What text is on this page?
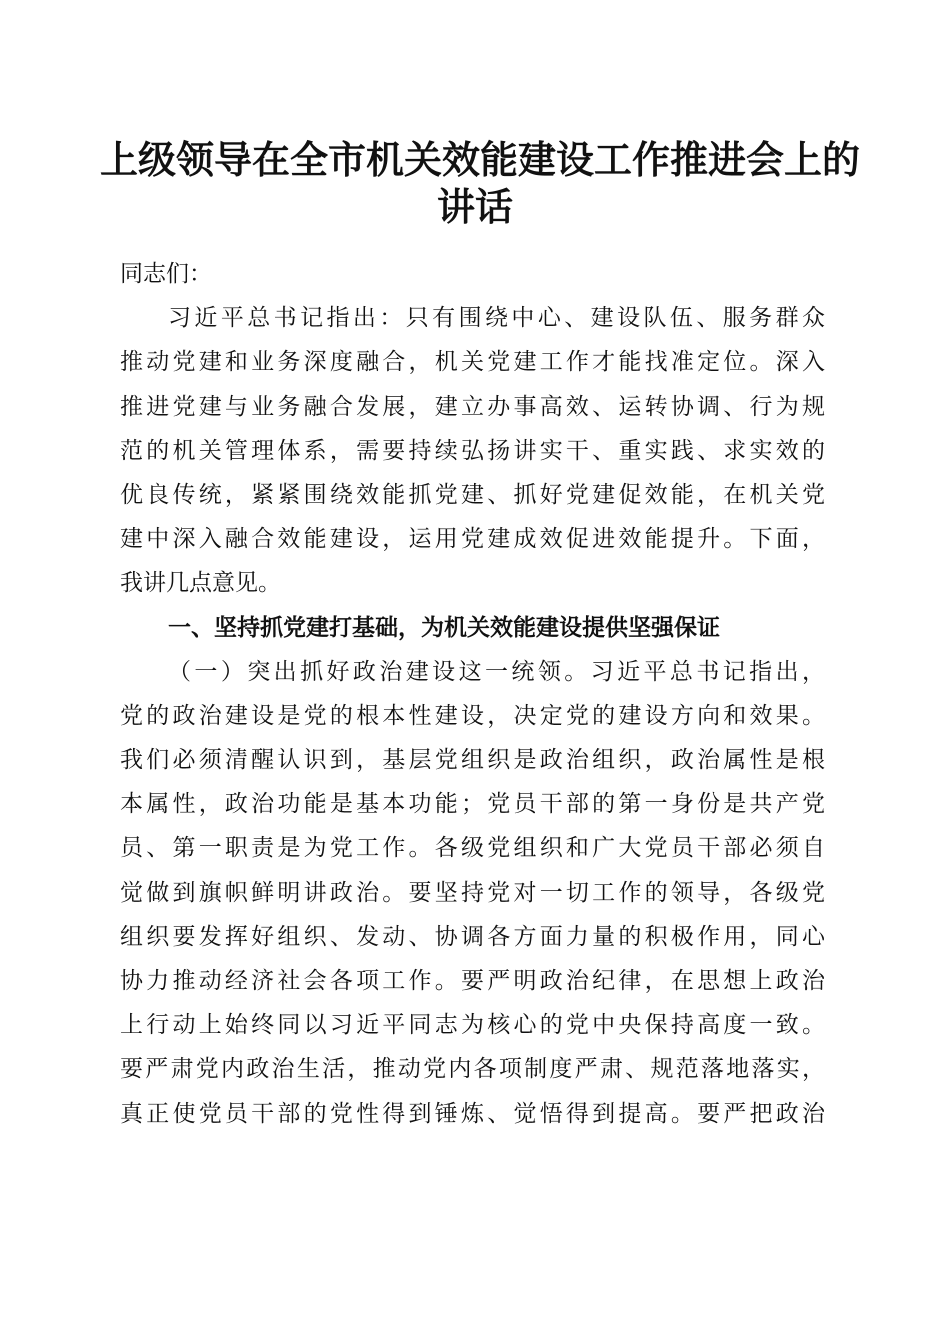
上级领导在全市机关效能建设工作推进会上的
讲话
同志们：
习近平总书记指出：只有围绕中心、建设队伍、服务群众
推动党建和业务深度融合，机关党建工作才能找准定位。深入
推进党建与业务融合发展，建立办事高效、运转协调、行为规
范的机关管理体系，需要持续弘扬讲实干、重实践、求实效的
优良传统，紧紧围绕效能抓党建、抓好党建促效能，在机关党
建中深入融合效能建设，运用党建成效促进效能提升。下面，
我讲几点意见。
一、坚持抓党建打基础，为机关效能建设提供坚强保证
（一）突出抓好政治建设这一统领。习近平总书记指出，
党的政治建设是党的根本性建设，决定党的建设方向和效果。
我们必须清醒认识到，基层党组织是政治组织，政治属性是根
本属性，政治功能是基本功能；党员干部的第一身份是共产党
员、第一职责是为党工作。各级党组织和广大党员干部必须自
觉做到旗帜鲜明讲政治。要坚持党对一切工作的领导，各级党
组织要发挥好组织、发动、协调各方面力量的积极作用，同心
协力推动经济社会各项工作。要严明政治纪律，在思想上政治
上行动上始终同以习近平同志为核心的党中央保持高度一致。
要严肃党内政治生活，推动党内各项制度严肃、规范落地落实，
真正使党员干部的党性得到锤炼、觉悟得到提高。要严把政治
